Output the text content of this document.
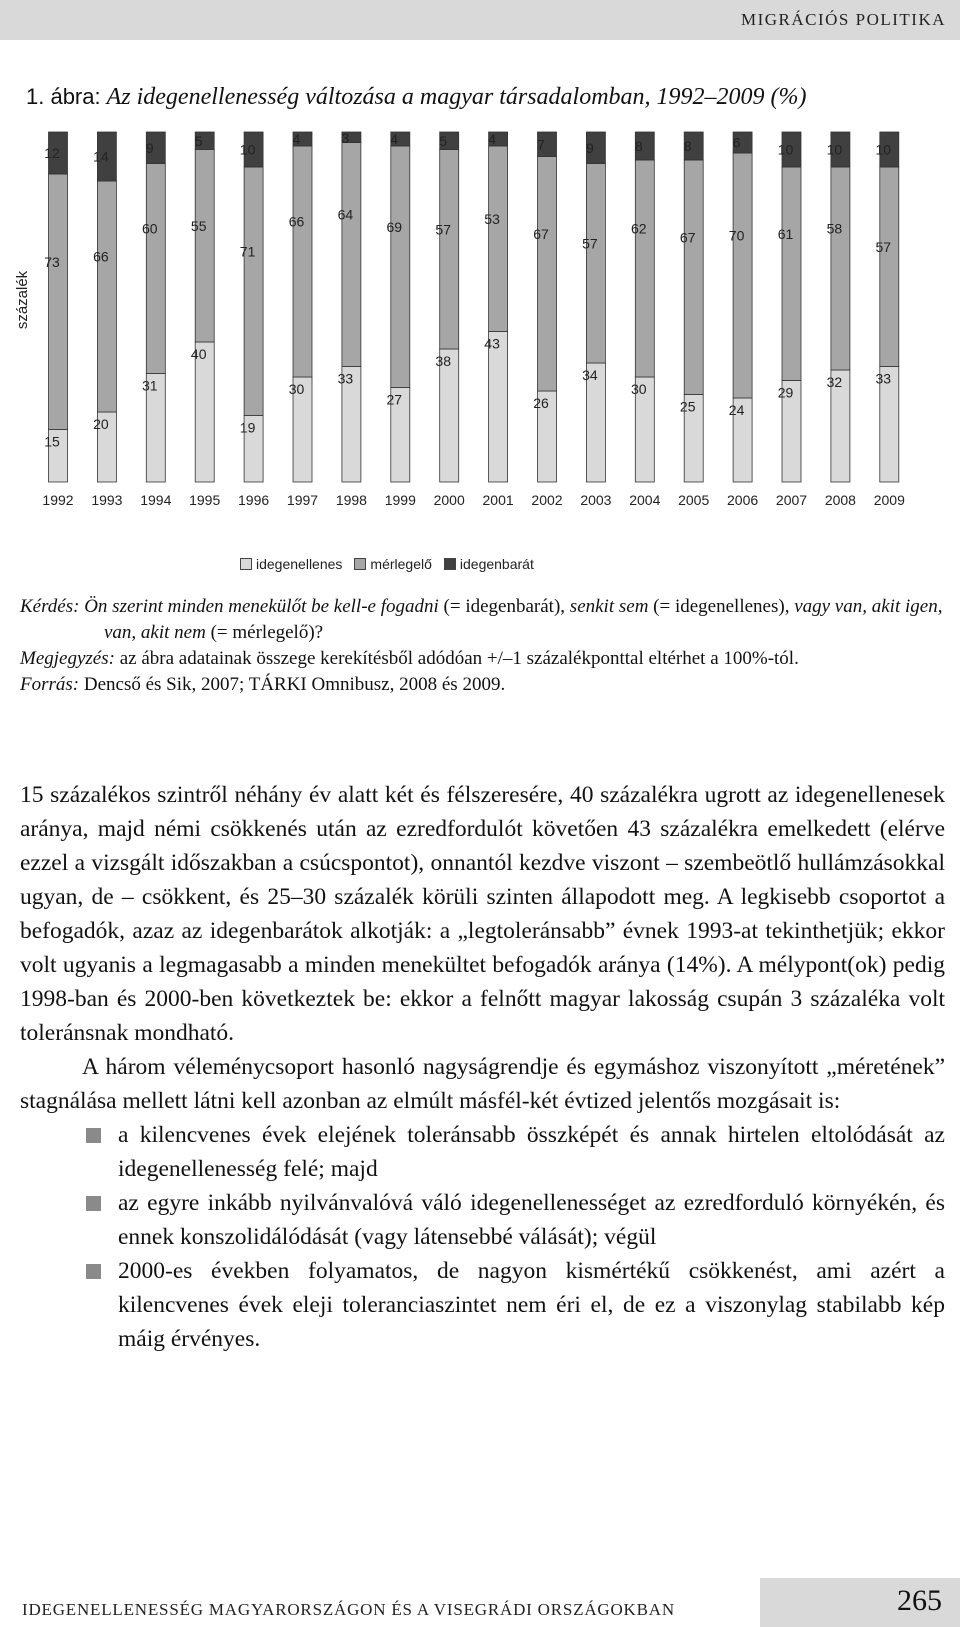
MIGRÁCIÓS POLITIKA
1. ábra: Az idegenellenesség változása a magyar társadalomban, 1992–2009 (%)
százalék
15
73
12
1992
20
66
14
1993
31
60
9
1994
40
55
5
1995
19
71
10
1996
30
66
4
1997
33
64
3
1998
27
69
4
1999
38
57
5
2000
43
53
4
2001
26
67
7
2002
34
57
9
2003
30
62
8
2004
25
67
8
2005
24
70
6
2006
29
61
10
2007
32
58
10
2008
33
57
10
2009
idegenellenes mérlegelő idegenbarát

Kérdés: Ön szerint minden menekülőt be kell-e fogadni (= idegenbarát), senkit sem (= idegenellenes), vagy van, akit igen, van, akit nem (= mérlegelő)?

Megjegyzés: az ábra adatainak összege kerekítésből adódóan +/–1 százalékponttal eltérhet a 100%-tól.

Forrás: Dencső és Sik, 2007; TÁRKI Omnibusz, 2008 és 2009.

15 százalékos szintről néhány év alatt két és félszeresére, 40 százalékra ugrott az idegenellenesek aránya, majd némi csökkenés után az ezredfordulót követően 43 százalékra emelkedett (elérve ezzel a vizsgált időszakban a csúcspontot), onnantól kezdve viszont – szembeötlő hullámzásokkal ugyan, de – csökkent, és 25–30 százalék körüli szinten állapodott meg. A legkisebb csoportot a befogadók, azaz az idegenbarátok alkotják: a „legtoleránsabb” évnek 1993-at tekinthetjük; ekkor volt ugyanis a legmagasabb a minden menekültet befogadók aránya (14%). A mélypont(ok) pedig 1998-ban és 2000-ben következtek be: ekkor a felnőtt magyar lakosság csupán 3 százaléka volt toleránsnak mondható.

A három véleménycsoport hasonló nagyságrendje és egymáshoz viszonyított „méretének” stagnálása mellett látni kell azonban az elmúlt másfél-két évtized jelentős mozgásait is:

a kilencvenes évek elejének toleránsabb összképét és annak hirtelen eltolódását az idegenellenesség felé; majd
az egyre inkább nyilvánvalóvá váló idegenellenességet az ezredforduló környékén, és ennek konszolidálódását (vagy látensebbé válását); végül
2000-es években folyamatos, de nagyon kismértékű csökkenést, ami azért a kilencvenes évek eleji toleranciaszintet nem éri el, de ez a viszonylag stabilabb kép máig érvényes.
IDEGENELLENESSÉG MAGYARORSZÁGON ÉS A VISEGRÁDI ORSZÁGOKBAN	265
